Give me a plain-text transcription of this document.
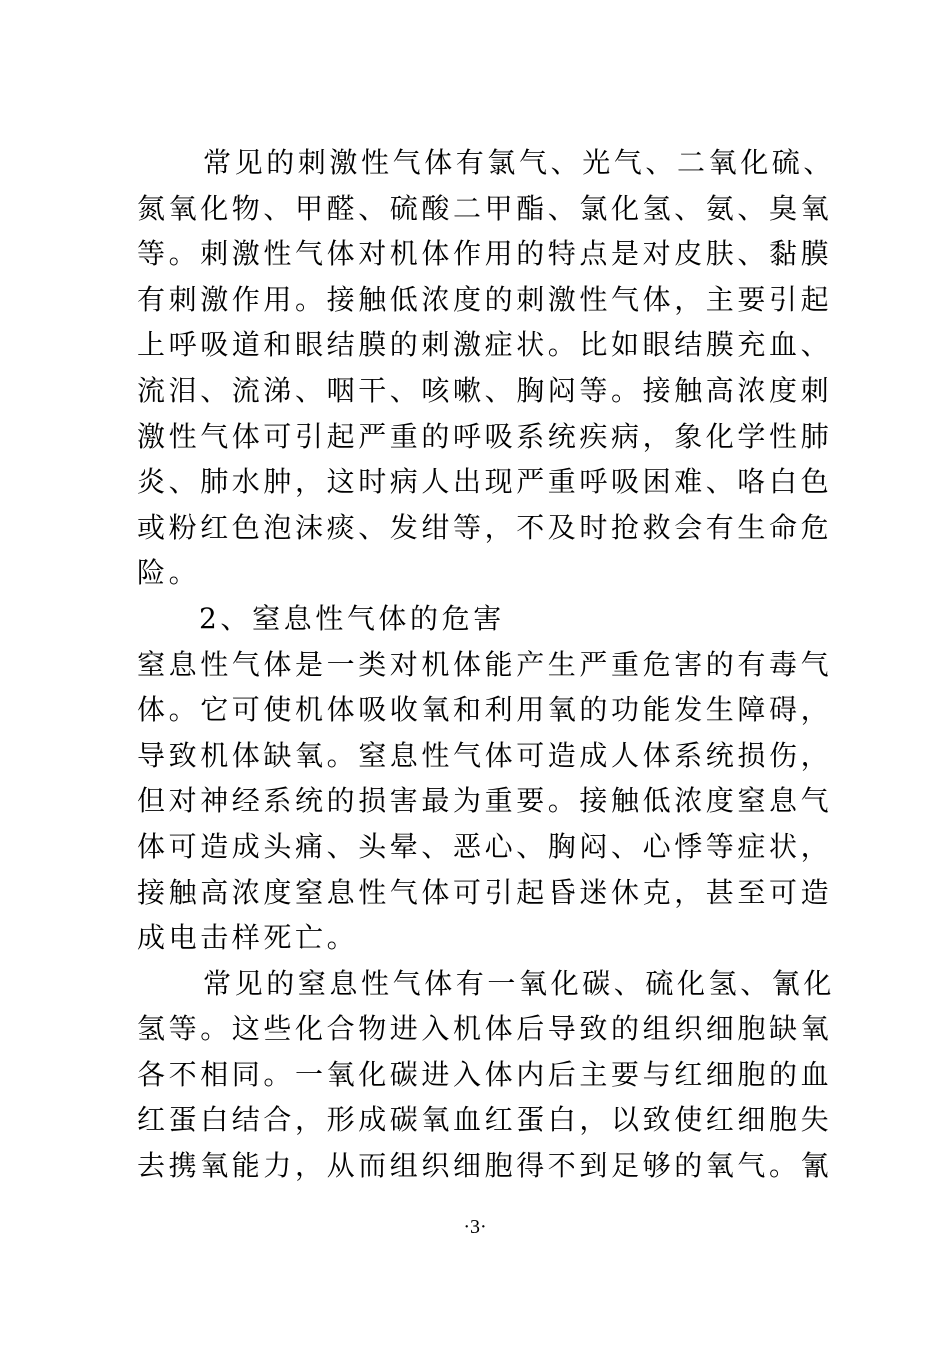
常见的刺激性气体有氯气、光气、二氧化硫、
氮氧化物、甲醛、硫酸二甲酯、氯化氢、氨、臭氧
等。刺激性气体对机体作用的特点是对皮肤、黏膜
有刺激作用。接触低浓度的刺激性气体，主要引起
上呼吸道和眼结膜的刺激症状。比如眼结膜充血、
流泪、流涕、咽干、咳嗽、胸闷等。接触高浓度刺
激性气体可引起严重的呼吸系统疾病，象化学性肺
炎、肺水肿，这时病人出现严重呼吸困难、咯白色
或粉红色泡沫痰、发绀等，不及时抢救会有生命危
险。
2、窒息性气体的危害
窒息性气体是一类对机体能产生严重危害的有毒气
体。它可使机体吸收氧和利用氧的功能发生障碍，
导致机体缺氧。窒息性气体可造成人体系统损伤，
但对神经系统的损害最为重要。接触低浓度窒息气
体可造成头痛、头晕、恶心、胸闷、心悸等症状，
接触高浓度窒息性气体可引起昏迷休克，甚至可造
成电击样死亡。
常见的窒息性气体有一氧化碳、硫化氢、氰化
氢等。这些化合物进入机体后导致的组织细胞缺氧
各不相同。一氧化碳进入体内后主要与红细胞的血
红蛋白结合，形成碳氧血红蛋白，以致使红细胞失
去携氧能力，从而组织细胞得不到足够的氧气。氰
·3·
